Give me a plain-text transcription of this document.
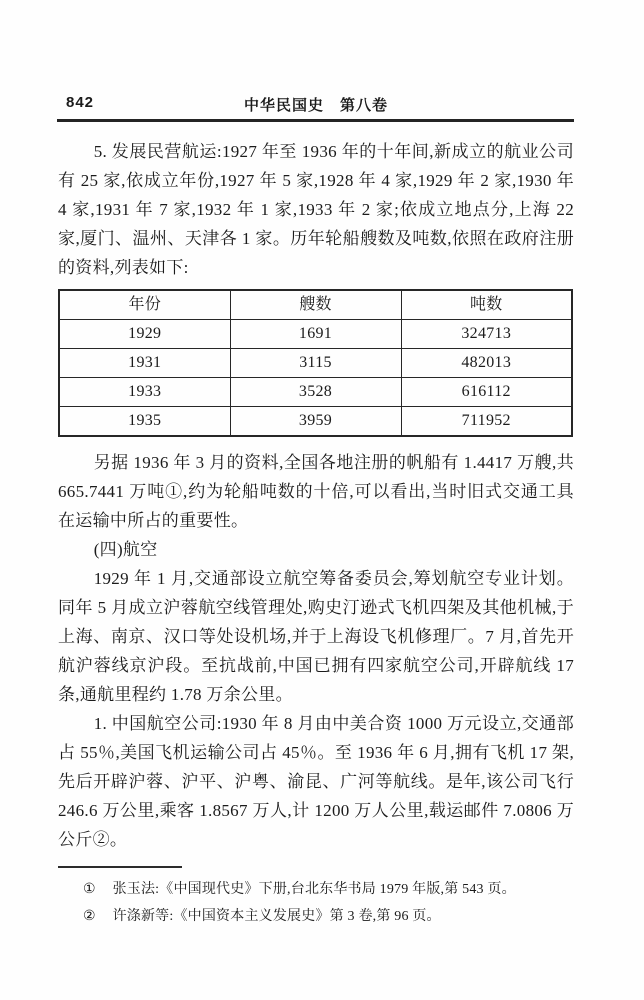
842	中华民国史　第八卷

5. 发展民营航运:1927 年至 1936 年的十年间,新成立的航业公司有 25 家,依成立年份,1927 年 5 家,1928 年 4 家,1929 年 2 家,1930 年 4 家,1931 年 7 家,1932 年 1 家,1933 年 2 家;依成立地点分,上海 22 家,厦门、温州、天津各 1 家。历年轮船艘数及吨数,依照在政府注册的资料,列表如下:

年份	艘数	吨数
1929	1691	324713
1931	3115	482013
1933	3528	616112
1935	3959	711952

另据 1936 年 3 月的资料,全国各地注册的帆船有 1.4417 万艘,共 665.7441 万吨①,约为轮船吨数的十倍,可以看出,当时旧式交通工具在运输中所占的重要性。

(四)航空

1929 年 1 月,交通部设立航空筹备委员会,筹划航空专业计划。同年 5 月成立沪蓉航空线管理处,购史汀逊式飞机四架及其他机械,于上海、南京、汉口等处设机场,并于上海设飞机修理厂。7 月,首先开航沪蓉线京沪段。至抗战前,中国已拥有四家航空公司,开辟航线 17 条,通航里程约 1.78 万余公里。

1. 中国航空公司:1930 年 8 月由中美合资 1000 万元设立,交通部占 55％,美国飞机运输公司占 45％。至 1936 年 6 月,拥有飞机 17 架,先后开辟沪蓉、沪平、沪粤、渝昆、广河等航线。是年,该公司飞行 246.6 万公里,乘客 1.8567 万人,计 1200 万人公里,载运邮件 7.0806 万公斤②。

① 张玉法:《中国现代史》下册,台北东华书局 1979 年版,第 543 页。
② 许涤新等:《中国资本主义发展史》第 3 卷,第 96 页。
